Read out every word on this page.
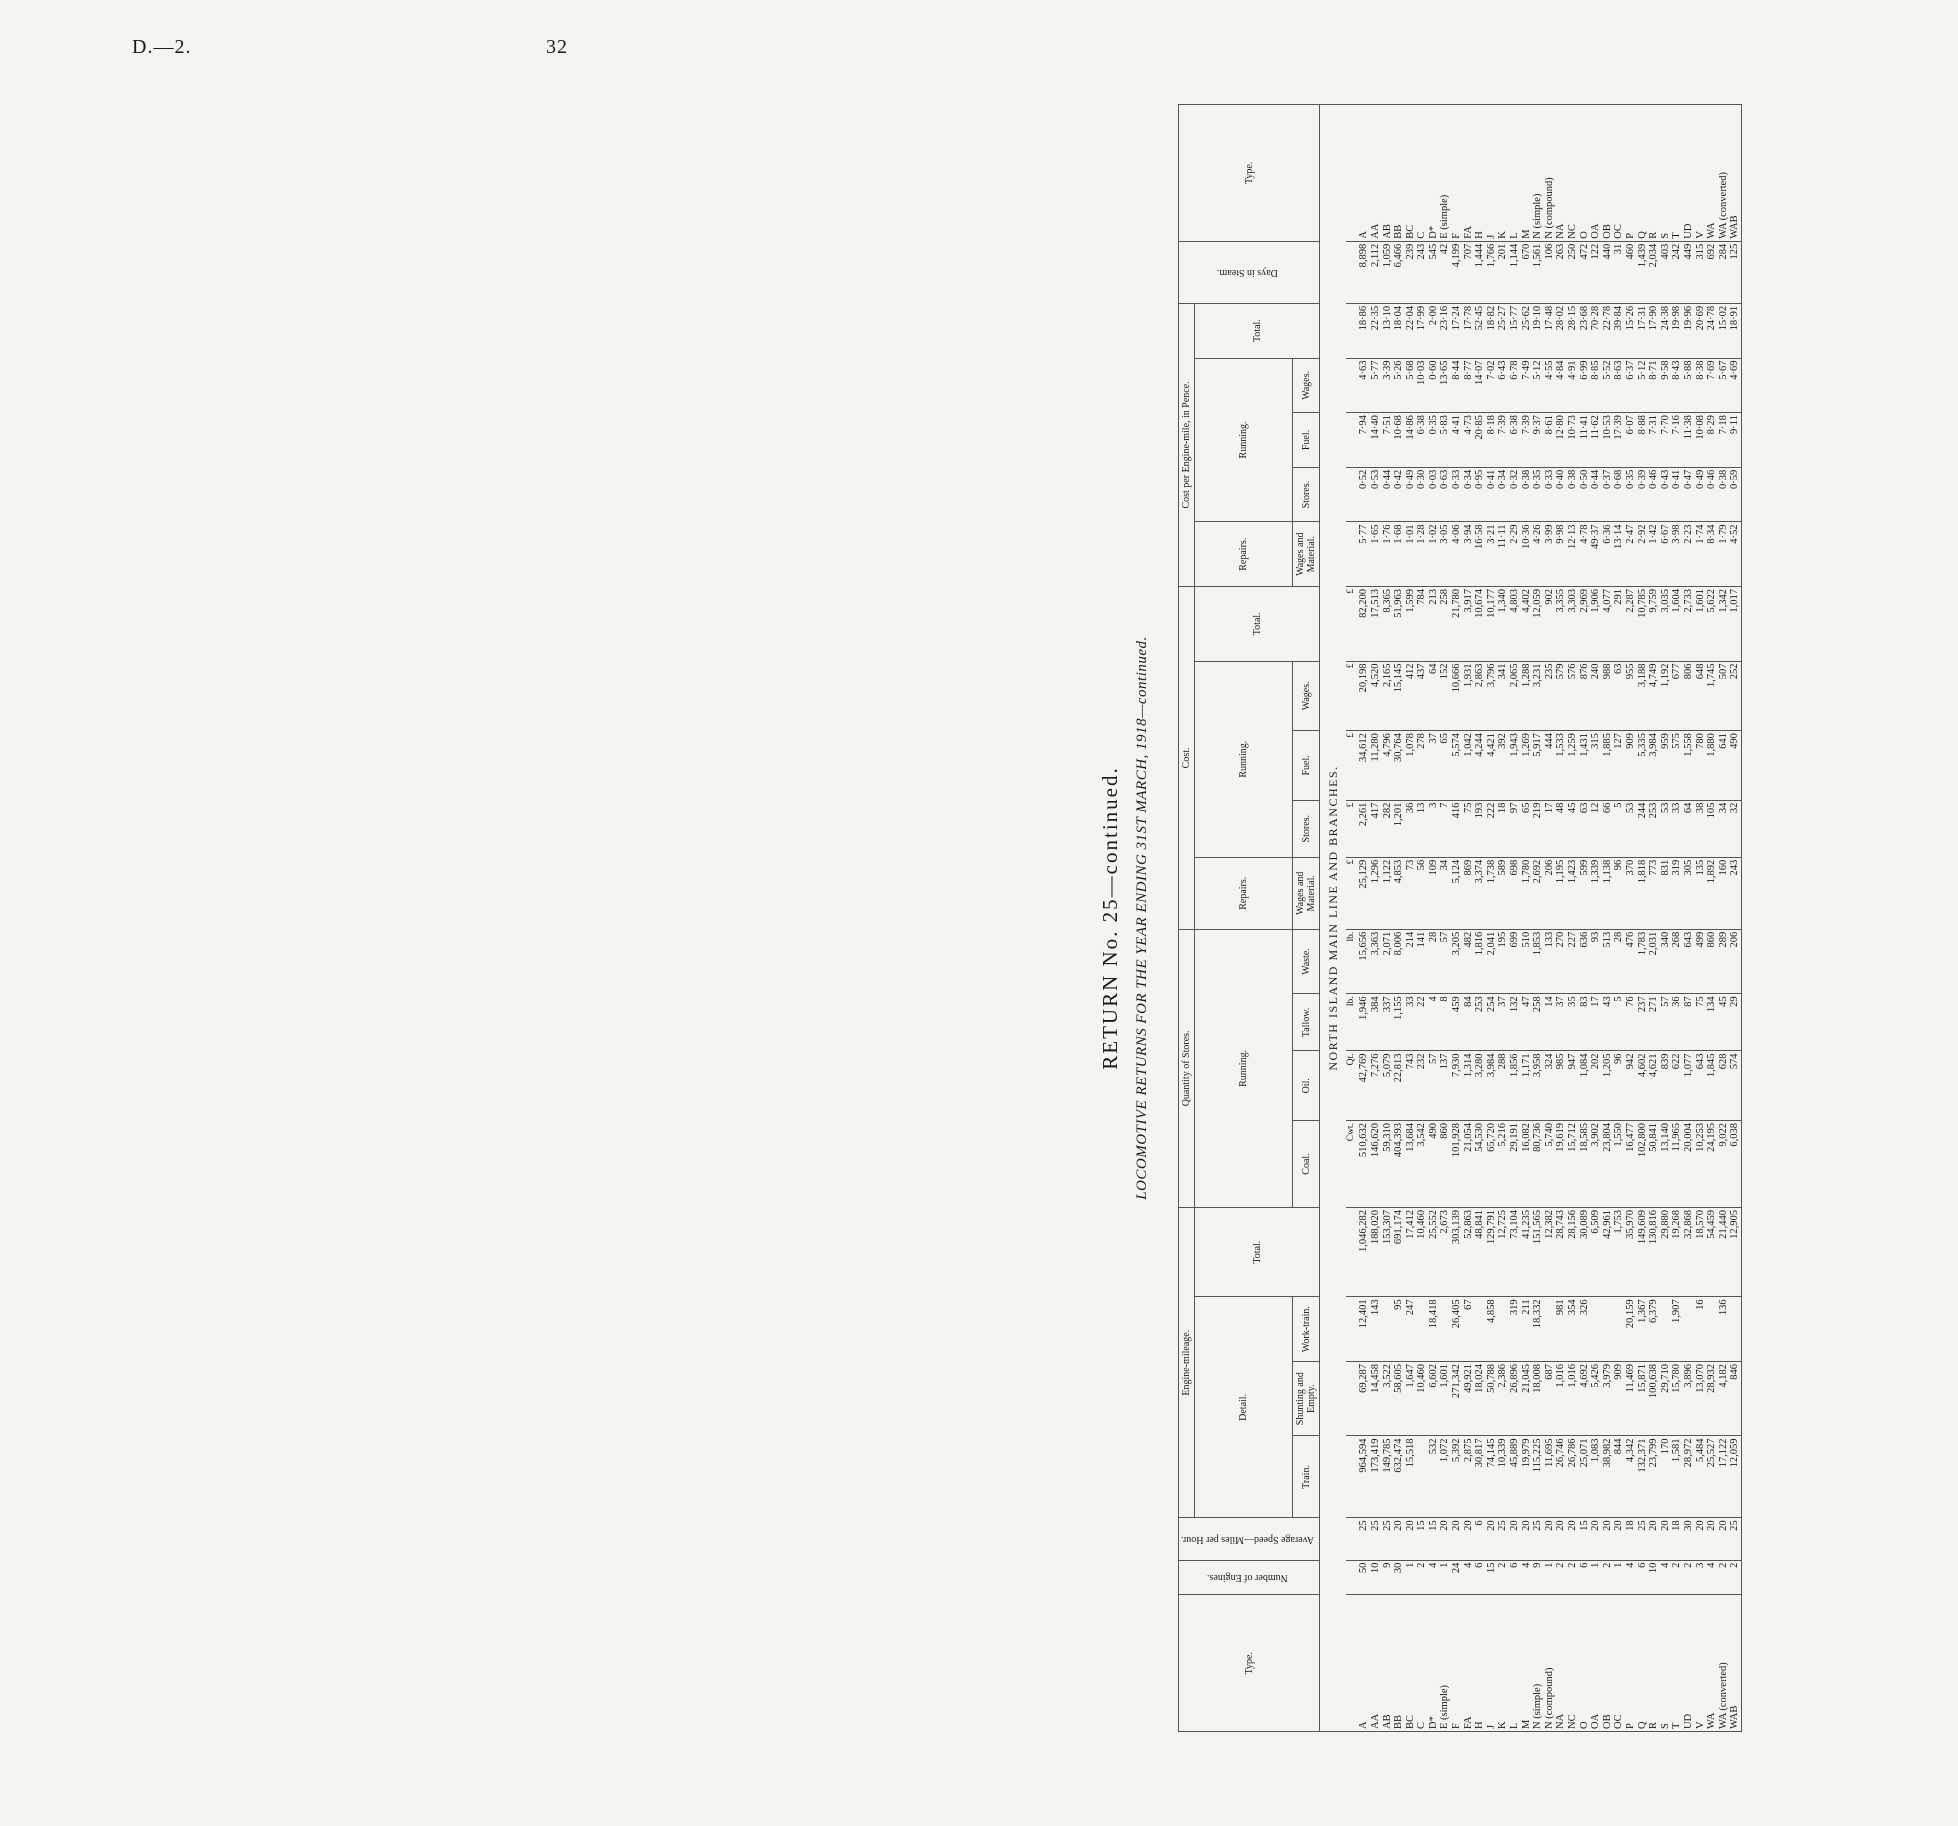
D.—2.	32
RETURN No. 25—continued. LOCOMOTIVE RETURNS FOR THE YEAR ENDING 31ST MARCH, 1918—continued.
Type.	Number of Engines.	Average Speed—Miles per Hour.	Engine-mileage.				Quantity of Stores.				Cost.					Cost per Engine-mile, in Pence.					Days in Steam.	Type.
			Detail.			Total.	Running.				Repairs.	Running.			Total.	Repairs.	Running.			Total.		
			Train.	Shunting and Empty.	Work-train.		Coal.	Oil.	Tallow.	Waste.	Wages and Material.	Stores.	Fuel.	Wages.		Wages and Material.	Stores.	Fuel.	Wages.			
NORTH ISLAND MAIN LINE AND BRANCHES.																						
							Cwt.	Qt.	lb.	lb.	£	£	£	£	£							
A	50	25	964,594	69,287	12,401	1,046,282	510,632	42,769	1,946	15,656	25,129	2,261	34,612	20,198	82,200	5·77	0·52	7·94	4·63	18·86	8,898	A
AA	10	25	173,419	14,458	143	188,020	146,620	7,276	384	3,363	1,296	417	11,280	4,520	17,513	1·65	0·53	14·40	5·77	22·35	2,112	AA
AB	9	25	149,785	3,522		153,307	59,310	5,079	337	2,071	1,122	282	4,796	2,165	8,365	1·76	0·44	7·51	3·39	13·10	1,059	AB
BB	30	20	632,474	58,605	95	691,174	404,393	22,813	1,155	8,006	4,853	1,201	30,764	15,145	51,963	1·68	0·42	10·68	5·26	18·04	6,466	BB
BC	1	20	15,518	1,647	247	17,412	13,684	743	33	214	73	36	1,078	412	1,599	1·01	0·49	14·86	5·68	22·04	239	BC
C	2	15		10,460		10,460	3,542	232	22	141	56	13	278	437	784	1·28	0·30	6·38	10·03	17·99	243	C
D*	4	15	532	6,602	18,418	25,552	490	57	4	28	109	3	37	64	213	1·02	0·03	0·35	0·60	2·00	545	D*
E (simple)	1	20	1,072	1,601		2,673	860	137	8	57	34	7	65	152	258	3·05	0·63	5·83	13·65	23·16	42	E (simple)
F	24	20	5,392	271,342	26,405	303,139	101,928	7,930	459	3,205	5,124	416	5,574	10,666	21,780	4·06	0·33	4·41	8·44	17·24	4,199	F
FA	4	20	2,875	49,921	67	52,863	21,054	1,314	84	482	869	75	1,042	1,931	3,917	3·94	0·34	4·73	8·77	17·78	707	FA
H	6	6	30,817	18,024		48,841	54,530	3,280	253	1,816	3,374	193	4,244	2,863	10,674	16·58	0·95	20·85	14·07	52·45	1,444	H
J	15	20	74,145	50,788	4,858	129,791	65,720	3,984	254	2,041	1,738	222	4,421	3,796	10,177	3·21	0·41	8·18	7·02	18·82	1,766	J
K	2	25	10,339	2,386		12,725	5,216	288	37	195	589	18	392	341	1,340	11·11	0·34	7·39	6·43	25·27	201	K
L	6	20	45,889	26,896	319	73,104	29,191	1,856	132	699	698	97	1,943	2,065	4,803	2·29	0·32	6·38	6·78	15·77	1,144	L
M	4	20	19,979	21,045	211	41,235	16,082	1,171	47	510	1,780	65	1,269	1,288	4,402	10·36	0·38	7·39	7·49	25·62	670	M
N (simple)	9	25	115,225	18,008	18,332	151,565	80,736	3,958	258	1,853	2,692	219	5,917	3,231	12,059	4·26	0·35	9·37	5·12	19·10	1,561	N (simple)
N (compound)	1	20	11,695	687		12,382	5,740	324	14	133	206	17	444	235	902	3·99	0·33	8·61	4·55	17·48	106	N (compound)
NA	2	20	26,746	1,016	981	28,743	19,619	985	37	270	1,195	48	1,533	579	3,355	9·98	0·40	12·80	4·84	28·02	263	NA
NC	2	20	26,786	1,016	354	28,156	15,712	947	35	227	1,423	45	1,259	576	3,303	12·13	0·38	10·73	4·91	28·15	250	NC
O	6	15	25,071	4,692	326	30,089	18,585	1,084	83	636	599	63	1,431	876	2,969	4·78	0·50	11·41	6·99	23·68	472	O
OA	1	20	1,083	5,426		6,509	3,902	202	17	93	1,339	12	315	240	1,906	49·37	0·44	11·62	8·85	70·28	122	OA
OB	2	20	38,982	3,979		42,961	23,804	1,205	43	513	1,138	66	1,885	988	4,077	6·36	0·37	10·53	5·52	22·78	440	OB
OC	1	20	844	909		1,753	1,550	96	5	28	96	5	127	63	291	13·14	0·68	17·39	8·63	39·84	31	OC
P	4	18	4,342	11,469	20,159	35,970	16,477	942	76	476	370	53	909	955	2,287	2·47	0·35	6·07	6·37	15·26	460	P
Q	6	25	132,371	15,871	1,367	149,609	102,800	4,602	237	1,783	1,818	244	5,335	3,188	10,785	2·92	0·39	8·88	5·12	17·31	1,439	Q
R	10	20	23,799	100,638	6,379	130,816	50,841	4,621	271	2,031	773	253	3,984	4,749	9,759	1·42	0·46	7·31	8·71	17·90	2,034	R
S	4	20	170	29,710		29,880	13,140	839	57	340	831	53	959	1,192	3,035	6·67	0·43	7·70	9·58	24·38	403	S
T	2	18	1,581	15,780	1,907	19,268	11,965	622	36	268	319	33	575	677	1,604	3·98	0·41	7·16	8·43	19·98	242	T
UD	2	30	28,972	3,896		32,868	20,004	1,077	87	643	305	64	1,558	806	2,733	2·23	0·47	11·38	5·88	19·96	449	UD
V	3	20	5,484	13,070	16	18,570	10,253	643	75	499	135	38	780	648	1,601	1·74	0·49	10·08	8·38	20·69	315	V
WA	4	20	25,527	28,932		54,459	24,195	1,845	134	860	1,892	105	1,880	1,745	5,622	8·34	0·46	8·29	7·69	24·78	692	WA
WA (converted)	2	20	17,122	4,182	136	21,440	9,022	628	45	289	160	34	641	507	1,342	1·79	0·38	7·18	5·67	15·02	284	WA (converted)
WAB	2	25	12,059	846		12,905	6,038	574	29	206	243	32	490	252	1,017	4·52	0·59	9·11	4·69	18·91	125	WAB
